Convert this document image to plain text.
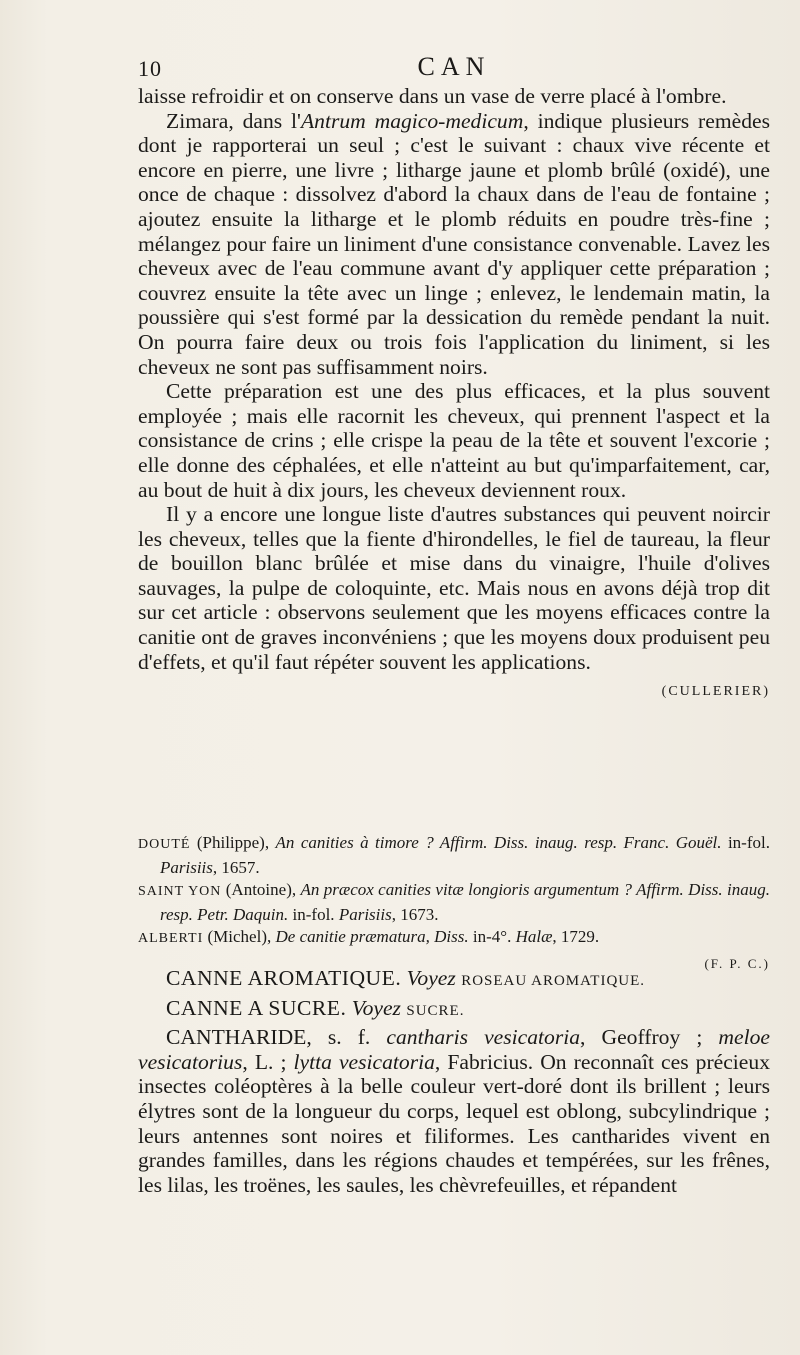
10	CAN

laisse refroidir et on conserve dans un vase de verre placé à l'ombre.

Zimara, dans l'Antrum magico-medicum, indique plusieurs remèdes dont je rapporterai un seul ; c'est le suivant : chaux vive récente et encore en pierre, une livre ; litharge jaune et plomb brûlé (oxidé), une once de chaque : dissolvez d'abord la chaux dans de l'eau de fontaine ; ajoutez ensuite la litharge et le plomb réduits en poudre très-fine ; mélangez pour faire un liniment d'une consistance convenable. Lavez les cheveux avec de l'eau commune avant d'y appliquer cette préparation ; couvrez ensuite la tête avec un linge ; enlevez, le lendemain matin, la poussière qui s'est formé par la dessication du remède pendant la nuit. On pourra faire deux ou trois fois l'application du liniment, si les cheveux ne sont pas suffisamment noirs.

Cette préparation est une des plus efficaces, et la plus souvent employée ; mais elle racornit les cheveux, qui prennent l'aspect et la consistance de crins ; elle crispe la peau de la tête et souvent l'excorie ; elle donne des céphalées, et elle n'atteint au but qu'imparfaitement, car, au bout de huit à dix jours, les cheveux deviennent roux.

Il y a encore une longue liste d'autres substances qui peuvent noircir les cheveux, telles que la fiente d'hirondelles, le fiel de taureau, la fleur de bouillon blanc brûlée et mise dans du vinaigre, l'huile d'olives sauvages, la pulpe de coloquinte, etc. Mais nous en avons déjà trop dit sur cet article : observons seulement que les moyens efficaces contre la canitie ont de graves inconvéniens ; que les moyens doux produisent peu d'effets, et qu'il faut répéter souvent les applications.

(CULLERIER)

DOUTÉ (Philippe), An canities à timore ? Affirm. Diss. inaug. resp. Franc. Gouël. in-fol. Parisiis, 1657.

SAINT YON (Antoine), An præcox canities vitæ longioris argumentum ? Affirm. Diss. inaug. resp. Petr. Daquin. in-fol. Parisiis, 1673.

ALBERTI (Michel), De canitie præmatura, Diss. in-4°. Halæ, 1729.

(F. P. C.)

CANNE AROMATIQUE. Voyez ROSEAU AROMATIQUE.

CANNE A SUCRE. Voyez SUCRE.

CANTHARIDE, s. f. cantharis vesicatoria, Geoffroy ; meloe vesicatorius, L. ; lytta vesicatoria, Fabricius. On reconnaît ces précieux insectes coléoptères à la belle couleur vert-doré dont ils brillent ; leurs élytres sont de la longueur du corps, lequel est oblong, subcylindrique ; leurs antennes sont noires et filiformes. Les cantharides vivent en grandes familles, dans les régions chaudes et tempérées, sur les frênes, les lilas, les troënes, les saules, les chèvrefeuilles, et répandent
